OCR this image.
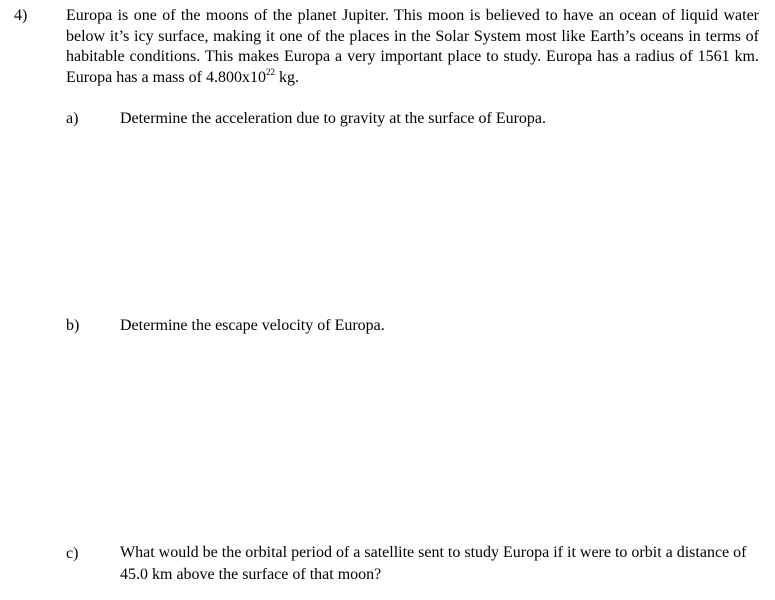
4) Europa is one of the moons of the planet Jupiter. This moon is believed to have an ocean of liquid water below it’s icy surface, making it one of the places in the Solar System most like Earth’s oceans in terms of habitable conditions. This makes Europa a very important place to study. Europa has a radius of 1561 km. Europa has a mass of $4.800x10^{22}$ kg.
a)	Determine the acceleration due to gravity at the surface of Europa.
b)	Determine the escape velocity of Europa.
c)	What would be the orbital period of a satellite sent to study Europa if it were to orbit a distance of 45.0 km above the surface of that moon?
